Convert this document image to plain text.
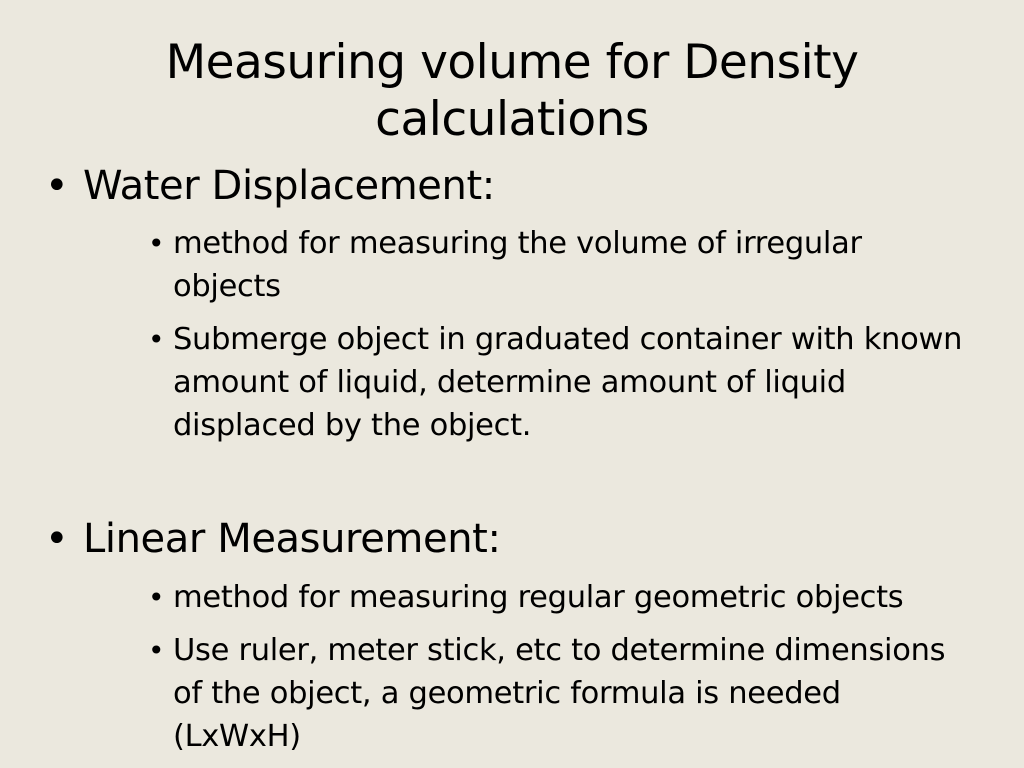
Measuring volume for Density calculations
• Water Displacement:
• method for measuring the volume of irregular objects
• Submerge object in graduated container with known amount of liquid, determine amount of liquid displaced by the object.
• Linear Measurement:
• method for measuring regular geometric objects
• Use ruler, meter stick, etc to determine dimensions of the object, a geometric formula is needed (LxWxH)
